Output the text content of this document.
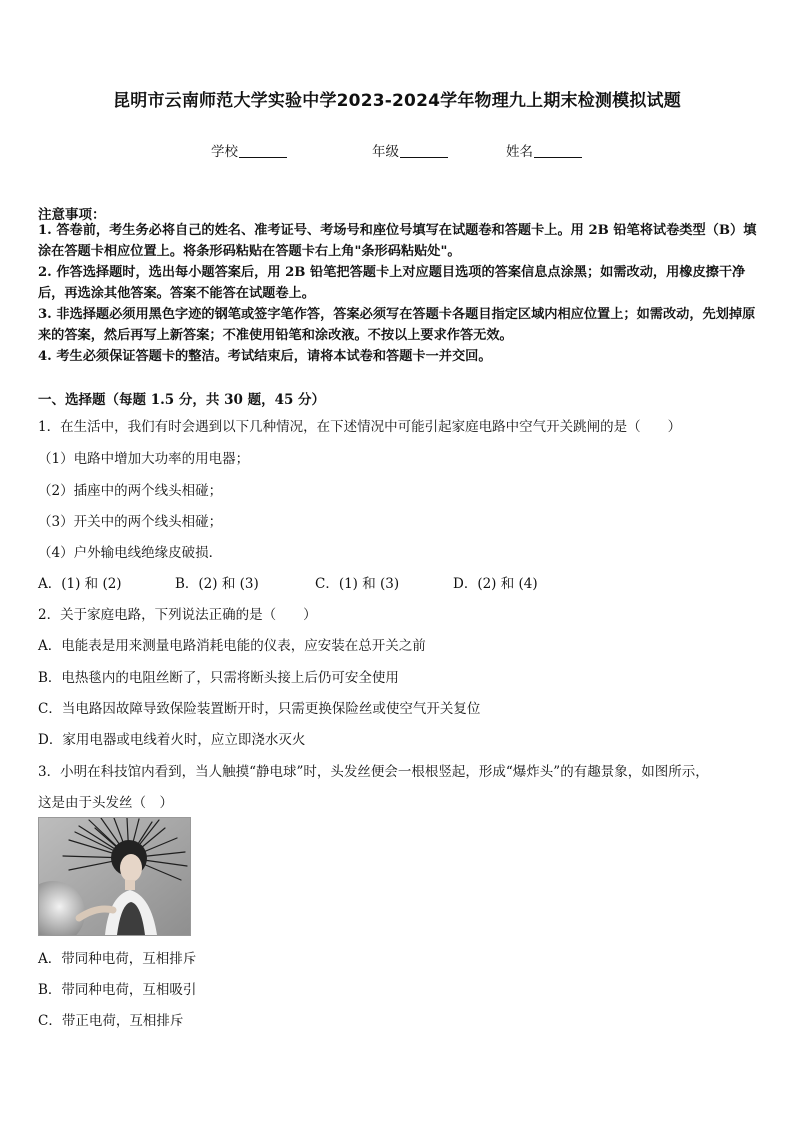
昆明市云南师范大学实验中学2023-2024学年物理九上期末检测模拟试题
学校	年级	姓名
注意事项：
1. 答卷前，考生务必将自己的姓名、准考证号、考场号和座位号填写在试题卷和答题卡上。用 2B 铅笔将试卷类型（B）填涂在答题卡相应位置上。将条形码粘贴在答题卡右上角"条形码粘贴处"。
2. 作答选择题时，选出每小题答案后，用 2B 铅笔把答题卡上对应题目选项的答案信息点涂黑；如需改动，用橡皮擦干净后，再选涂其他答案。答案不能答在试题卷上。
3. 非选择题必须用黑色字迹的钢笔或签字笔作答，答案必须写在答题卡各题目指定区域内相应位置上；如需改动，先划掉原来的答案，然后再写上新答案；不准使用铅笔和涂改液。不按以上要求作答无效。
4. 考生必须保证答题卡的整洁。考试结束后，请将本试卷和答题卡一并交回。
一、选择题（每题 1.5 分，共 30 题，45 分）
1．在生活中，我们有时会遇到以下几种情况，在下述情况中可能引起家庭电路中空气开关跳闸的是（　　）
（1）电路中增加大功率的用电器；
（2）插座中的两个线头相碰；
（3）开关中的两个线头相碰；
（4）户外输电线绝缘皮破损．
A．(1) 和 (2)	B．(2) 和 (3)	C．(1) 和 (3)	D．(2) 和 (4)
2．关于家庭电路，下列说法正确的是（　　）
A．电能表是用来测量电路消耗电能的仪表，应安装在总开关之前
B．电热毯内的电阻丝断了，只需将断头接上后仍可安全使用
C．当电路因故障导致保险装置断开时，只需更换保险丝或使空气开关复位
D．家用电器或电线着火时，应立即浇水灭火
3．小明在科技馆内看到，当人触摸“静电球”时，头发丝便会一根根竖起，形成“爆炸头”的有趣景象，如图所示，
这是由于头发丝（　）
A．带同种电荷，互相排斥
B．带同种电荷，互相吸引
C．带正电荷，互相排斥
